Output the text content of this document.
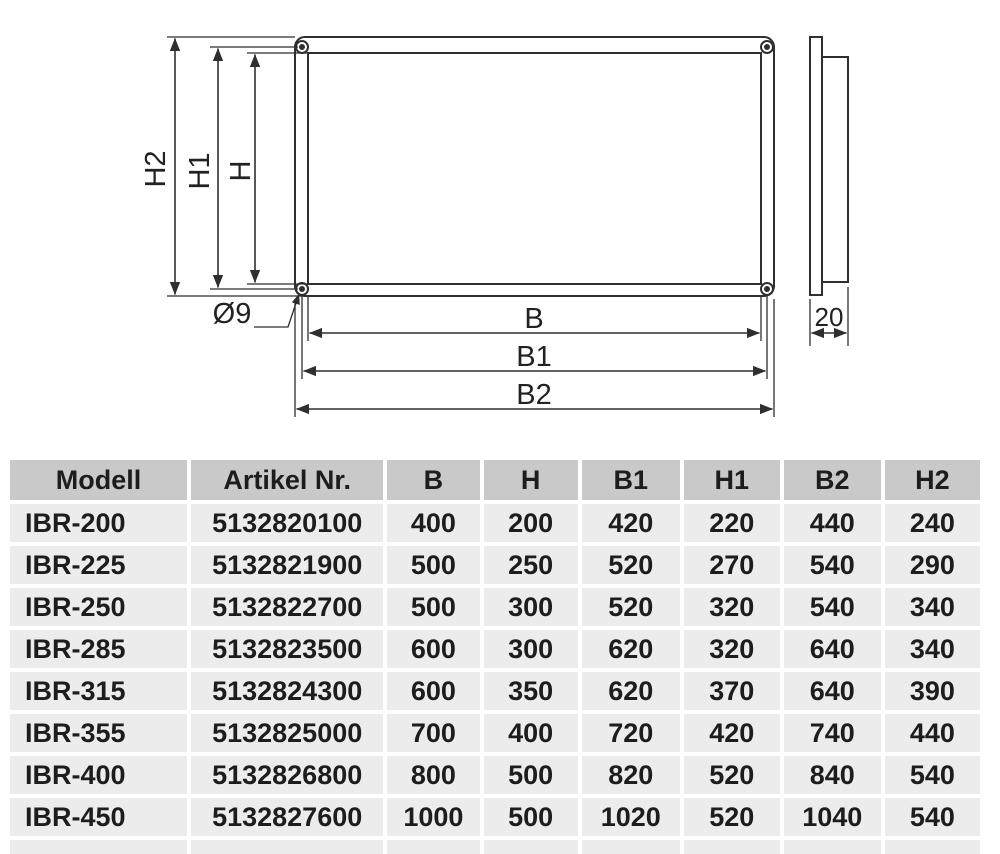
H2 H1 H
B
B1
B2
Ø9	20
Modell	Artikel Nr.	B	H	B1	H1	B2	H2
IBR-200	5132820100	400	200	420	220	440	240
IBR-225	5132821900	500	250	520	270	540	290
IBR-250	5132822700	500	300	520	320	540	340
IBR-285	5132823500	600	300	620	320	640	340
IBR-315	5132824300	600	350	620	370	640	390
IBR-355	5132825000	700	400	720	420	740	440
IBR-400	5132826800	800	500	820	520	840	540
IBR-450	5132827600	1000	500	1020	520	1040	540
